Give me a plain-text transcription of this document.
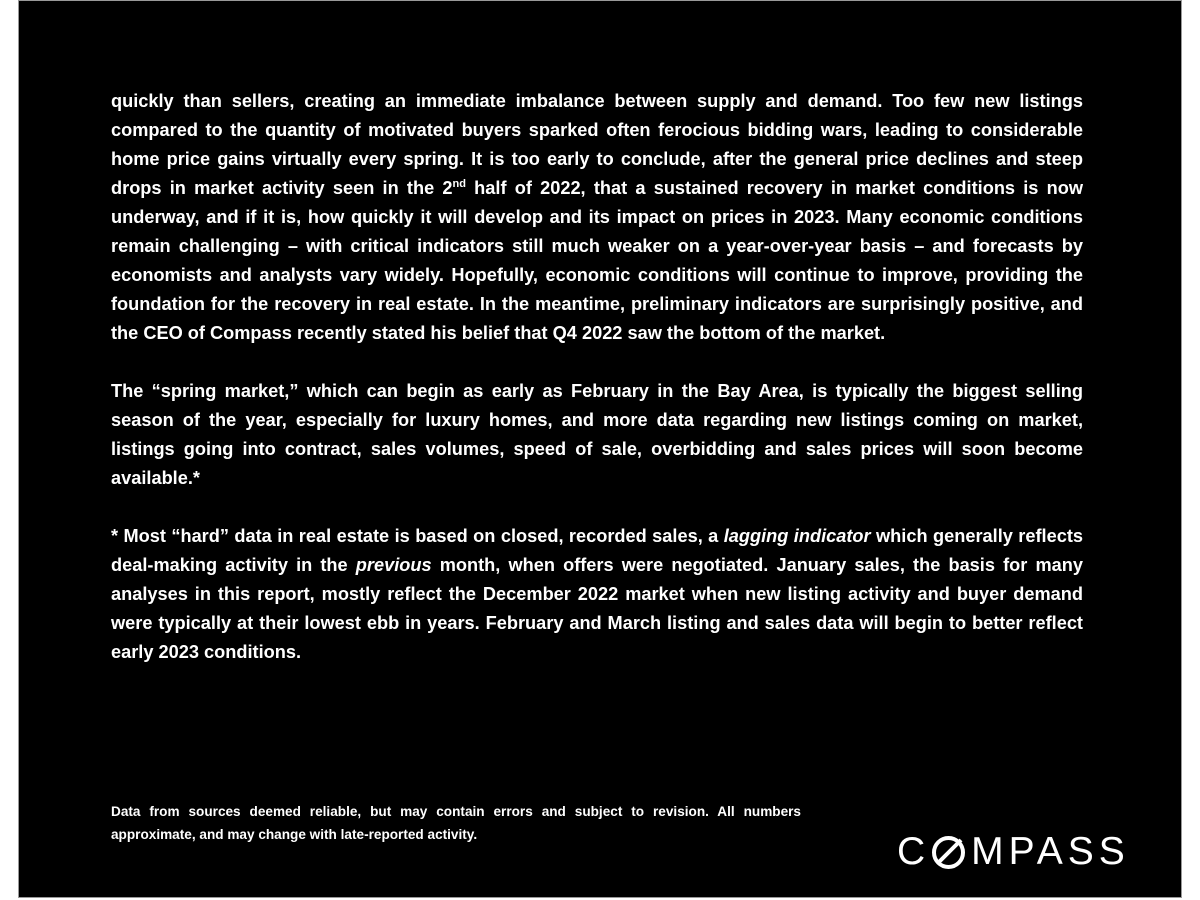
quickly than sellers, creating an immediate imbalance between supply and demand. Too few new listings compared to the quantity of motivated buyers sparked often ferocious bidding wars, leading to considerable home price gains virtually every spring. It is too early to conclude, after the general price declines and steep drops in market activity seen in the 2nd half of 2022, that a sustained recovery in market conditions is now underway, and if it is, how quickly it will develop and its impact on prices in 2023. Many economic conditions remain challenging – with critical indicators still much weaker on a year-over-year basis – and forecasts by economists and analysts vary widely. Hopefully, economic conditions will continue to improve, providing the foundation for the recovery in real estate. In the meantime, preliminary indicators are surprisingly positive, and the CEO of Compass recently stated his belief that Q4 2022 saw the bottom of the market.

The “spring market,” which can begin as early as February in the Bay Area, is typically the biggest selling season of the year, especially for luxury homes, and more data regarding new listings coming on market, listings going into contract, sales volumes, speed of sale, overbidding and sales prices will soon become available.*

* Most “hard” data in real estate is based on closed, recorded sales, a lagging indicator which generally reflects deal-making activity in the previous month, when offers were negotiated. January sales, the basis for many analyses in this report, mostly reflect the December 2022 market when new listing activity and buyer demand were typically at their lowest ebb in years. February and March listing and sales data will begin to better reflect early 2023 conditions.

Data from sources deemed reliable, but may contain errors and subject to revision. All numbers approximate, and may change with late-reported activity.	C MPASS
